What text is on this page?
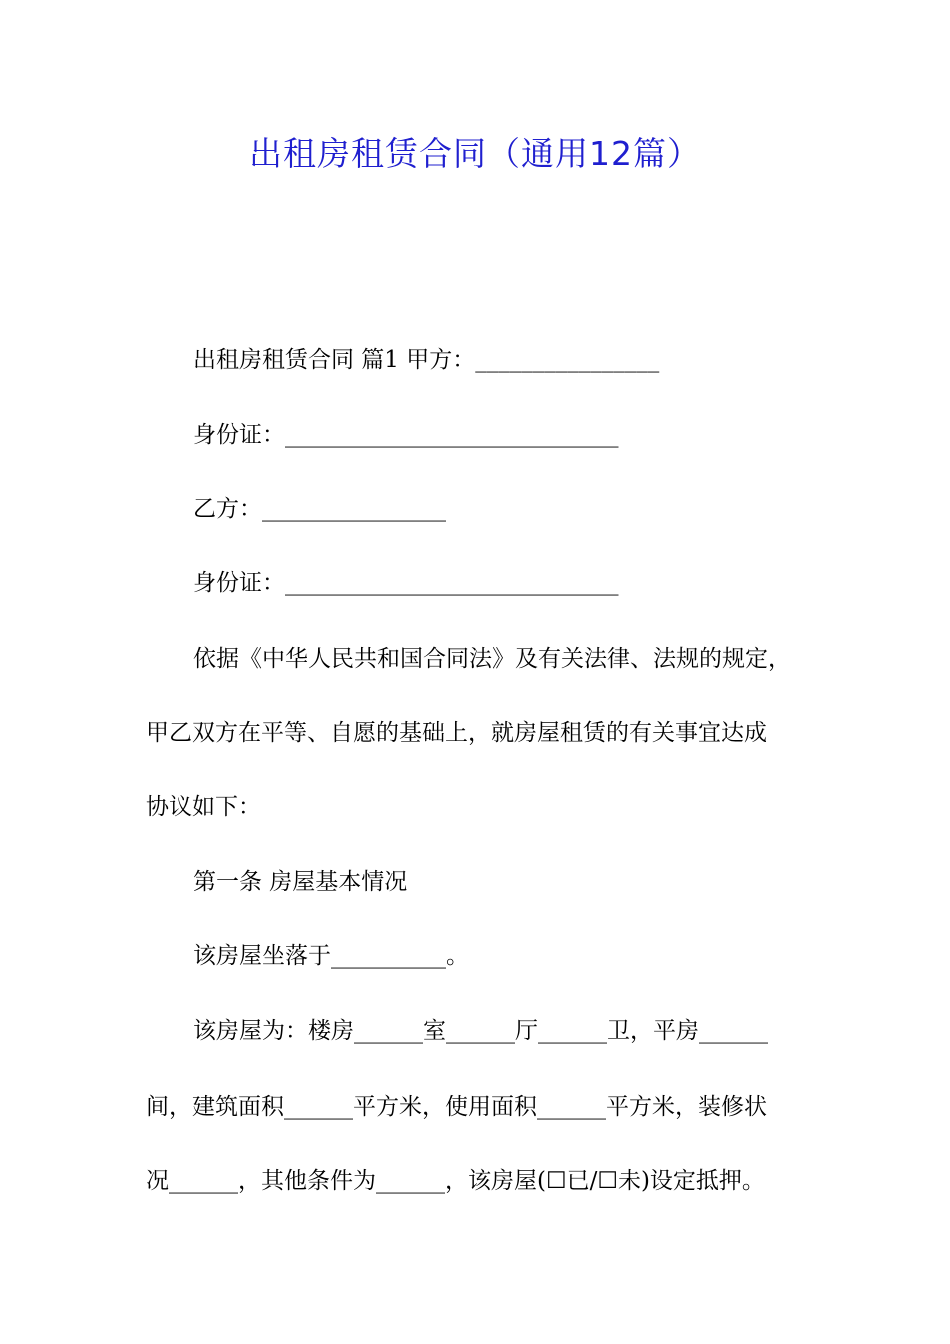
出租房租赁合同（通用12篇）
出租房租赁合同 篇1 甲方：________________
身份证：_____________________________
乙方：________________
身份证：_____________________________
依据《中华人民共和国合同法》及有关法律、法规的规定，
甲乙双方在平等、自愿的基础上，就房屋租赁的有关事宜达成
协议如下：
第一条 房屋基本情况
该房屋坐落于__________。
该房屋为：楼房______室______厅______卫，平房______
间，建筑面积______平方米，使用面积______平方米，装修状
况______，其他条件为______，该房屋(☐已/☐未)设定抵押。
